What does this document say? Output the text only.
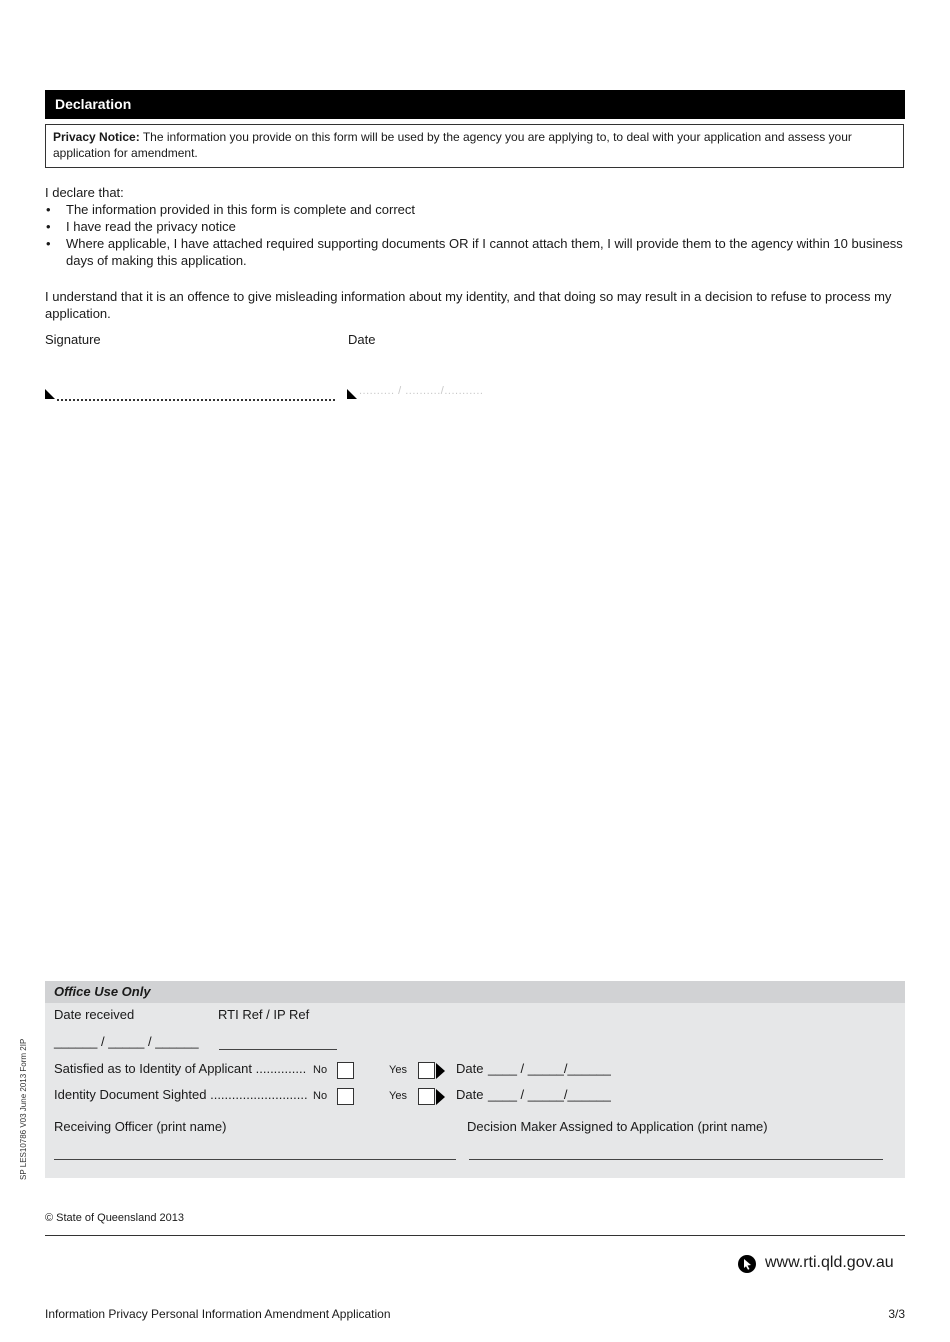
Declaration
Privacy Notice: The information you provide on this form will be used by the agency you are applying to, to deal with your application and assess your application for amendment.
I declare that:
• The information provided in this form is complete and correct
• I have read the privacy notice
• Where applicable, I have attached required supporting documents OR if I cannot attach them, I will provide them to the agency within 10 business days of making this application.
I understand that it is an offence to give misleading information about my identity, and that doing so may result in a decision to refuse to process my application.
Signature	Date
.......... / ........../...........
Office Use Only
Date received	RTI Ref / IP Ref
______ / _____ / ______
Satisfied as to Identity of Applicant .............. No	Yes	Date ____ / _____/______
Identity Document Sighted ........................... No	Yes	Date ____ / _____/______
Receiving Officer (print name)	Decision Maker Assigned to Application (print name)
© State of Queensland 2013
www.rti.qld.gov.au
Information Privacy Personal Information Amendment Application	3/3
SP LES10786 V03 June 2013 Form 2IP
